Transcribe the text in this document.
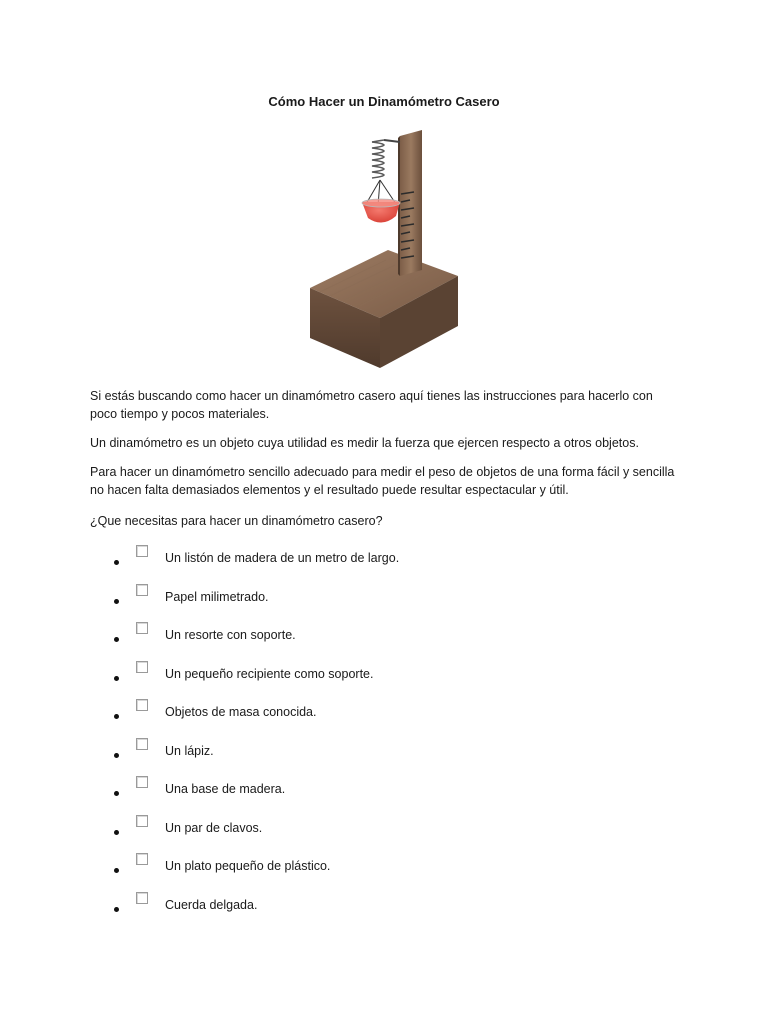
Cómo Hacer un Dinamómetro Casero
Si estás buscando como hacer un dinamómetro casero aquí tienes las instrucciones para hacerlo con poco tiempo y pocos materiales.
Un dinamómetro es un objeto cuya utilidad es medir la fuerza que ejercen respecto a otros objetos.
Para hacer un dinamómetro sencillo adecuado para medir el peso de objetos de una forma fácil y sencilla no hacen falta demasiados elementos y el resultado puede resultar espectacular y útil.
¿Que necesitas para hacer un dinamómetro casero?
Un listón de madera de un metro de largo.
Papel milimetrado.
Un resorte con soporte.
Un pequeño recipiente como soporte.
Objetos de masa conocida.
Un lápiz.
Una base de madera.
Un par de clavos.
Un plato pequeño de plástico.
Cuerda delgada.
